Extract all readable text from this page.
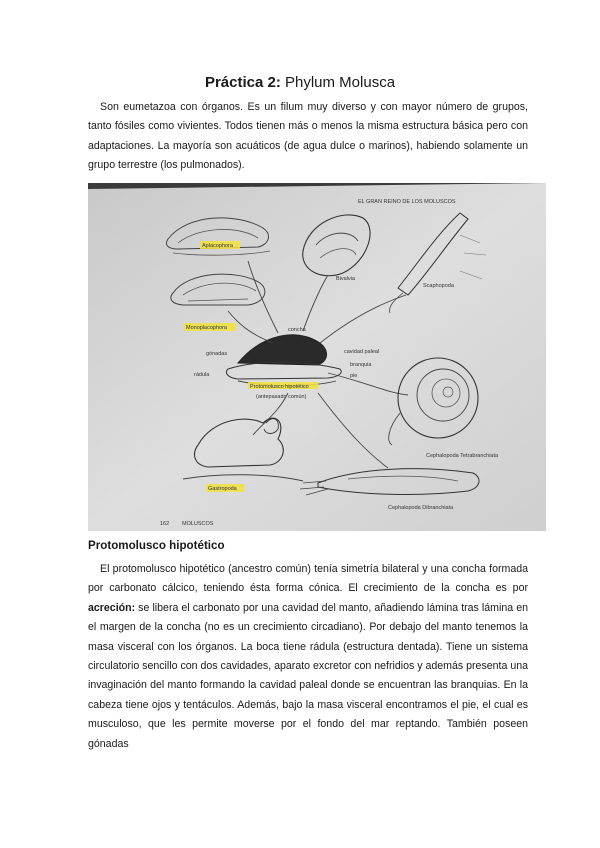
Práctica 2: Phylum Molusca

Son eumetazoa con órganos. Es un filum muy diverso y con mayor número de grupos, tanto fósiles como vivientes. Todos tienen más o menos la misma estructura básica pero con adaptaciones. La mayoría son acuáticos (de agua dulce o marinos), habiendo solamente un grupo terrestre (los pulmonados).

EL GRAN REINO DE LOS MOLUSCOS
Aplacophora
Monoplacophora
Bivalvia
Scaphopoda
Protomolusco hipotético
(antepasado común)
concha
gónadas
rádula
cavidad paleal
branquia
pie
Gastropoda
Cephalopoda Tetrabranchiata
Cephalopoda Dibranchiata
162 MOLUSCOS
Protomolusco hipotético

El protomolusco hipotético (ancestro común) tenía simetría bilateral y una concha formada por carbonato cálcico, teniendo ésta forma cónica. El crecimiento de la concha es por acreción: se libera el carbonato por una cavidad del manto, añadiendo lámina tras lámina en el margen de la concha (no es un crecimiento circadiano). Por debajo del manto tenemos la masa visceral con los órganos. La boca tiene rádula (estructura dentada). Tiene un sistema circulatorio sencillo con dos cavidades, aparato excretor con nefridios y además presenta una invaginación del manto formando la cavidad paleal donde se encuentran las branquias. En la cabeza tiene ojos y tentáculos. Además, bajo la masa visceral encontramos el pie, el cual es musculoso, que les permite moverse por el fondo del mar reptando. También poseen gónadas
